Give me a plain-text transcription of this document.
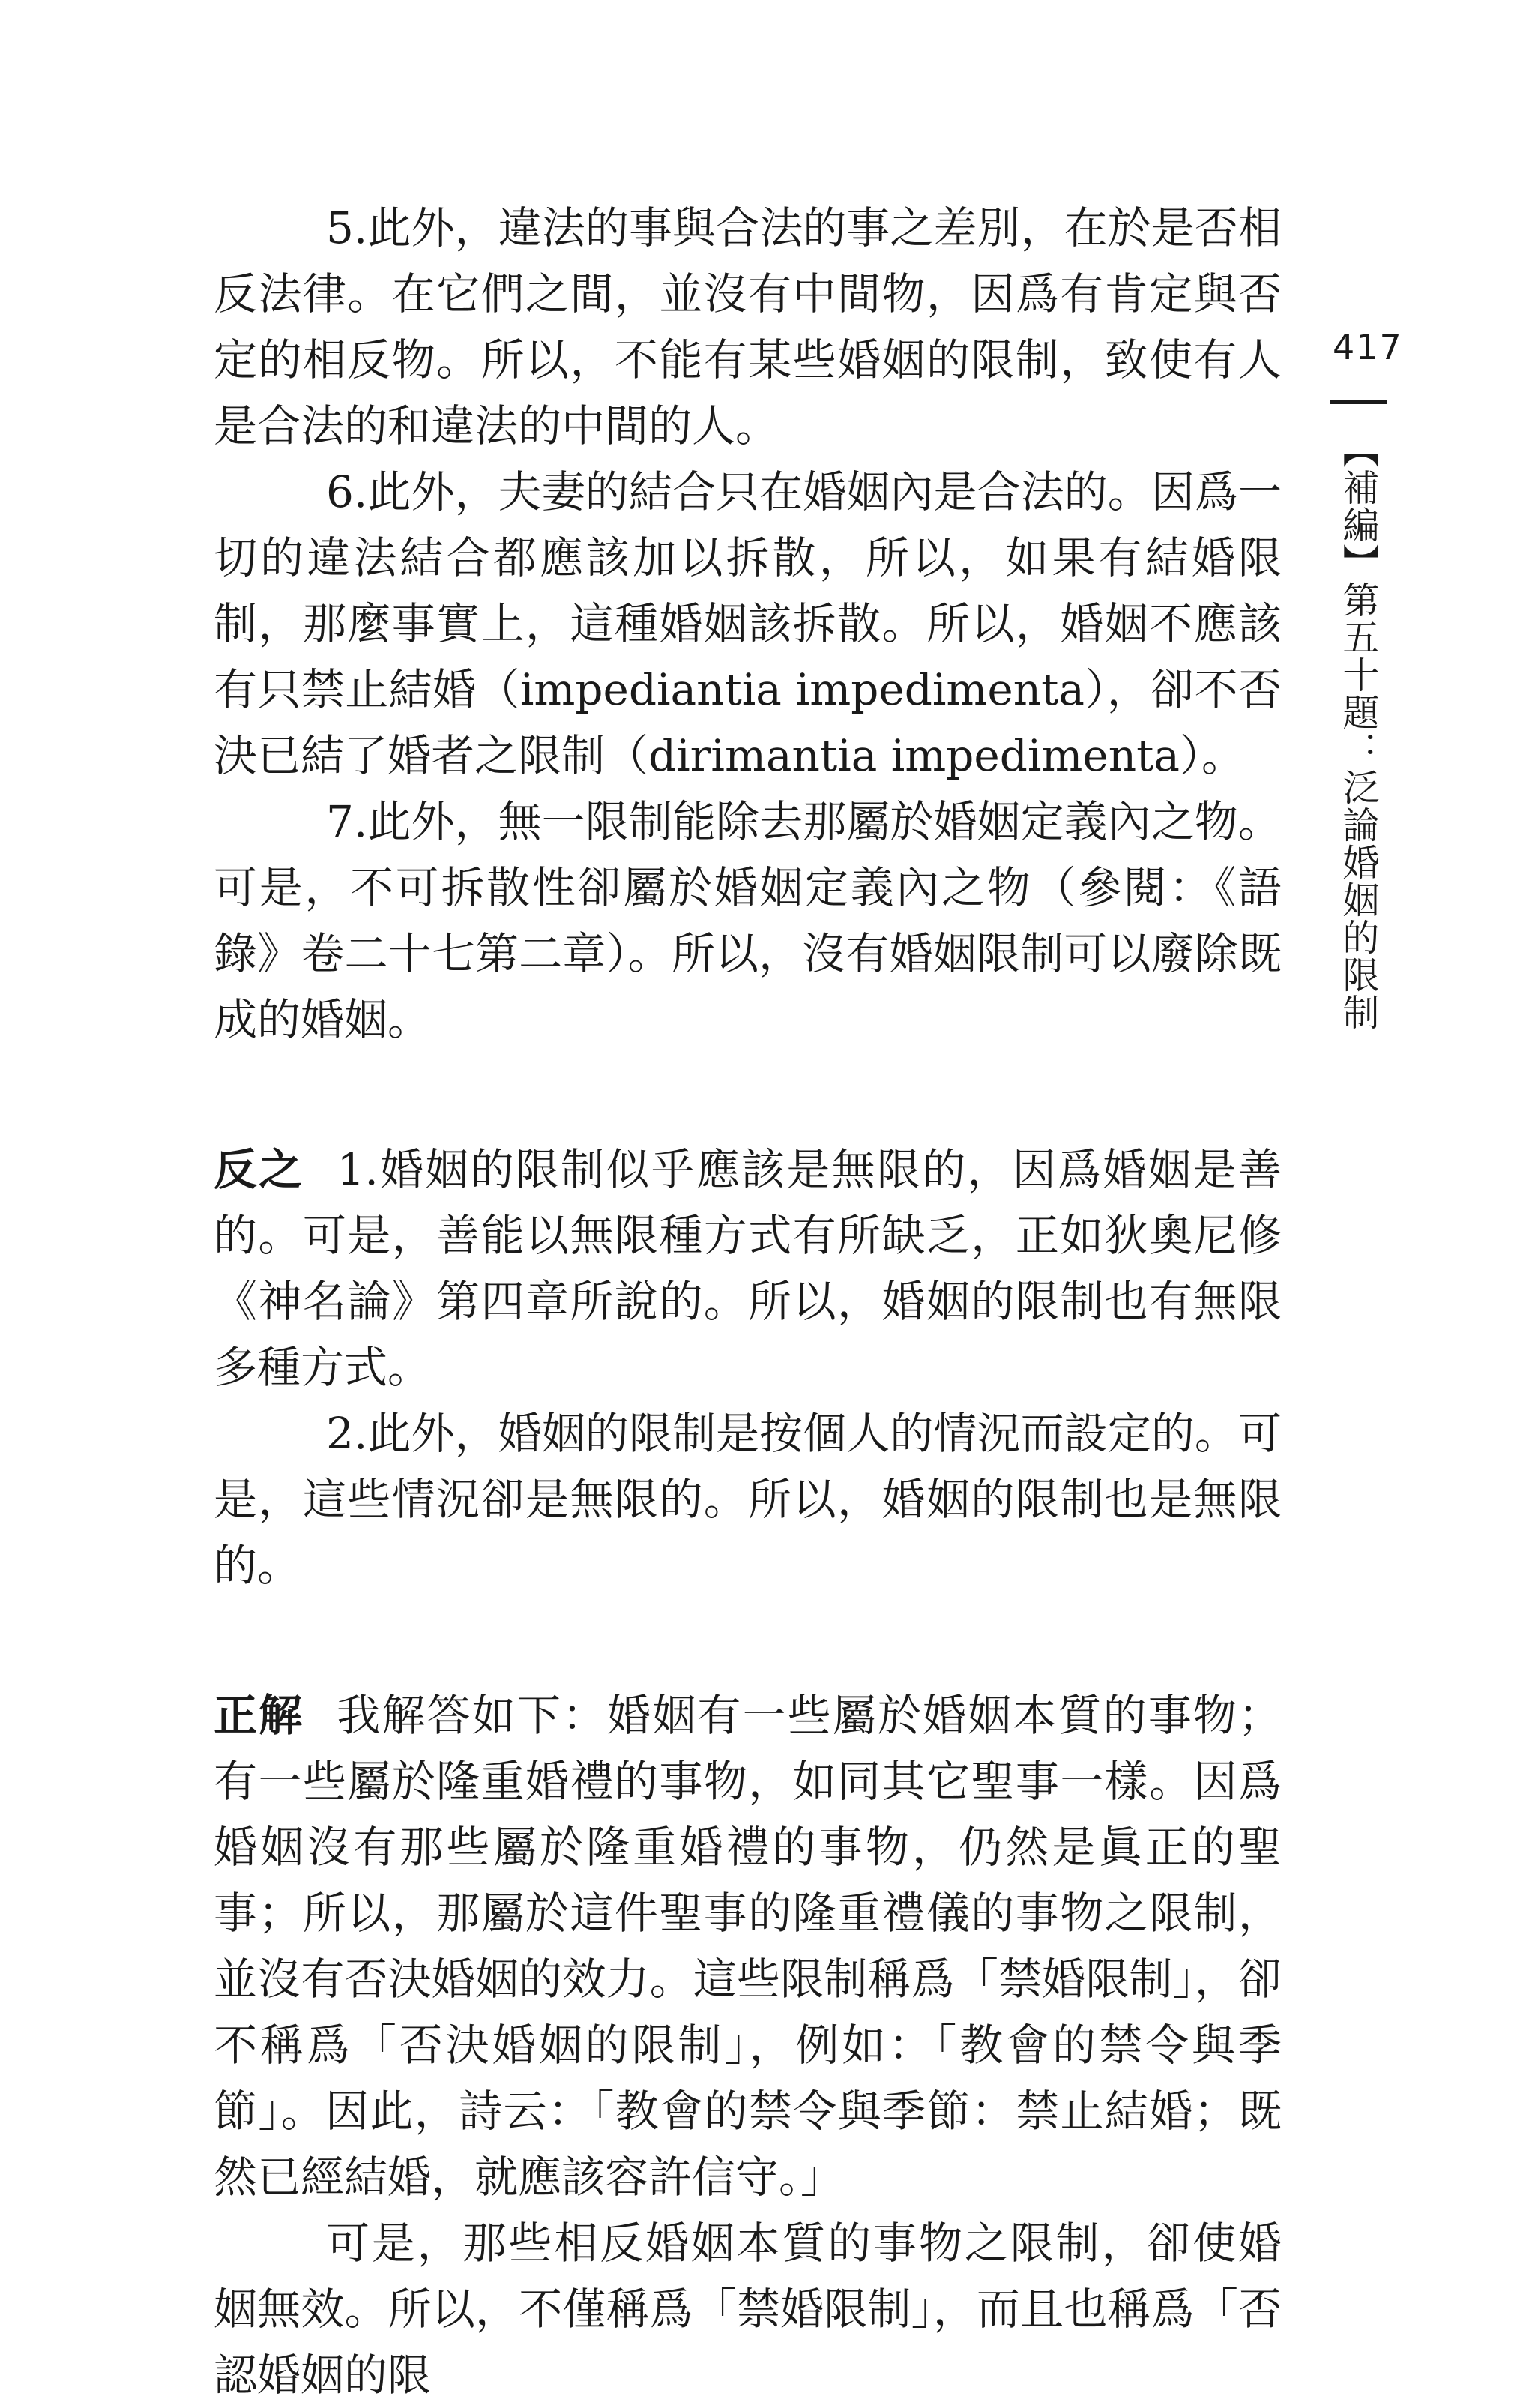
5.此外，違法的事與合法的事之差別，在於是否相反法律。在它們之間，並沒有中間物，因爲有肯定與否定的相反物。所以，不能有某些婚姻的限制，致使有人是合法的和違法的中間的人。

6.此外，夫妻的結合只在婚姻內是合法的。因爲一切的違法結合都應該加以拆散，所以，如果有結婚限制，那麼事實上，這種婚姻該拆散。所以，婚姻不應該有只禁止結婚（impediantia impedimenta），卻不否決已結了婚者之限制（dirimantia impedimenta）。

7.此外，無一限制能除去那屬於婚姻定義內之物。可是，不可拆散性卻屬於婚姻定義內之物（參閱：《語錄》卷二十七第二章）。所以，沒有婚姻限制可以廢除既成的婚姻。

反之 1.婚姻的限制似乎應該是無限的，因爲婚姻是善的。可是，善能以無限種方式有所缺乏，正如狄奧尼修《神名論》第四章所說的。所以，婚姻的限制也有無限多種方式。

2.此外，婚姻的限制是按個人的情況而設定的。可是，這些情況卻是無限的。所以，婚姻的限制也是無限的。

正解 我解答如下：婚姻有一些屬於婚姻本質的事物；有一些屬於隆重婚禮的事物，如同其它聖事一樣。因爲婚姻沒有那些屬於隆重婚禮的事物，仍然是眞正的聖事；所以，那屬於這件聖事的隆重禮儀的事物之限制，並沒有否決婚姻的效力。這些限制稱爲「禁婚限制」，卻不稱爲「否決婚姻的限制」，例如：「教會的禁令與季節」。因此，詩云：「教會的禁令與季節：禁止結婚；既然已經結婚，就應該容許信守。」

可是，那些相反婚姻本質的事物之限制，卻使婚姻無效。所以，不僅稱爲「禁婚限制」，而且也稱爲「否認婚姻的限

417
【補編】第五十題：泛論婚姻的限制
